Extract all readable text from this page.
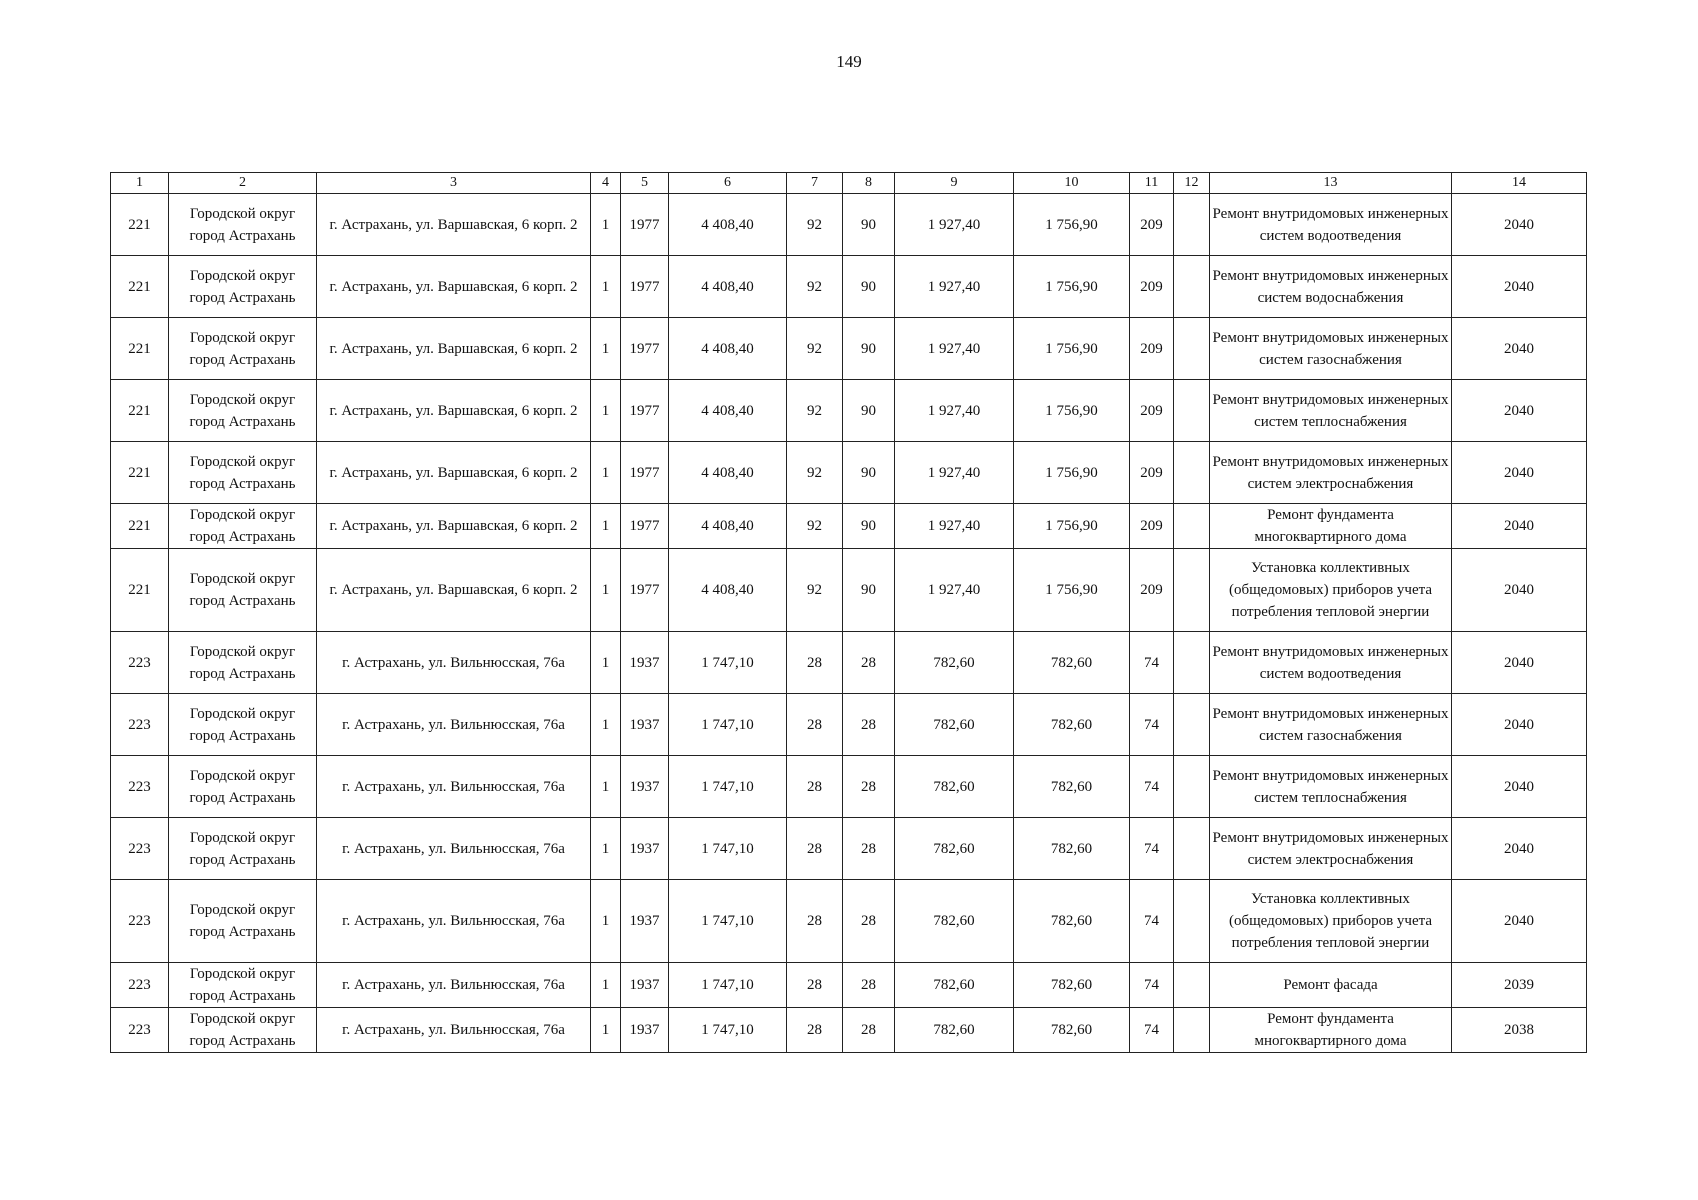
149
1	2	3	4	5	6	7	8	9	10	11	12	13	14
221	Городской округ город Астрахань	г. Астрахань, ул. Варшавская, 6 корп. 2	1	1977	4 408,40	92	90	1 927,40	1 756,90	209		Ремонт внутридомовых инженерных систем водоотведения	2040
221	Городской округ город Астрахань	г. Астрахань, ул. Варшавская, 6 корп. 2	1	1977	4 408,40	92	90	1 927,40	1 756,90	209		Ремонт внутридомовых инженерных систем водоснабжения	2040
221	Городской округ город Астрахань	г. Астрахань, ул. Варшавская, 6 корп. 2	1	1977	4 408,40	92	90	1 927,40	1 756,90	209		Ремонт внутридомовых инженерных систем газоснабжения	2040
221	Городской округ город Астрахань	г. Астрахань, ул. Варшавская, 6 корп. 2	1	1977	4 408,40	92	90	1 927,40	1 756,90	209		Ремонт внутридомовых инженерных систем теплоснабжения	2040
221	Городской округ город Астрахань	г. Астрахань, ул. Варшавская, 6 корп. 2	1	1977	4 408,40	92	90	1 927,40	1 756,90	209		Ремонт внутридомовых инженерных систем электроснабжения	2040
221	Городской округ город Астрахань	г. Астрахань, ул. Варшавская, 6 корп. 2	1	1977	4 408,40	92	90	1 927,40	1 756,90	209		Ремонт фундамента многоквартирного дома	2040
221	Городской округ город Астрахань	г. Астрахань, ул. Варшавская, 6 корп. 2	1	1977	4 408,40	92	90	1 927,40	1 756,90	209		Установка коллективных (общедомовых) приборов учета потребления тепловой энергии	2040
223	Городской округ город Астрахань	г. Астрахань, ул. Вильнюсская, 76а	1	1937	1 747,10	28	28	782,60	782,60	74		Ремонт внутридомовых инженерных систем водоотведения	2040
223	Городской округ город Астрахань	г. Астрахань, ул. Вильнюсская, 76а	1	1937	1 747,10	28	28	782,60	782,60	74		Ремонт внутридомовых инженерных систем газоснабжения	2040
223	Городской округ город Астрахань	г. Астрахань, ул. Вильнюсская, 76а	1	1937	1 747,10	28	28	782,60	782,60	74		Ремонт внутридомовых инженерных систем теплоснабжения	2040
223	Городской округ город Астрахань	г. Астрахань, ул. Вильнюсская, 76а	1	1937	1 747,10	28	28	782,60	782,60	74		Ремонт внутридомовых инженерных систем электроснабжения	2040
223	Городской округ город Астрахань	г. Астрахань, ул. Вильнюсская, 76а	1	1937	1 747,10	28	28	782,60	782,60	74		Установка коллективных (общедомовых) приборов учета потребления тепловой энергии	2040
223	Городской округ город Астрахань	г. Астрахань, ул. Вильнюсская, 76а	1	1937	1 747,10	28	28	782,60	782,60	74		Ремонт фасада	2039
223	Городской округ город Астрахань	г. Астрахань, ул. Вильнюсская, 76а	1	1937	1 747,10	28	28	782,60	782,60	74		Ремонт фундамента многоквартирного дома	2038
